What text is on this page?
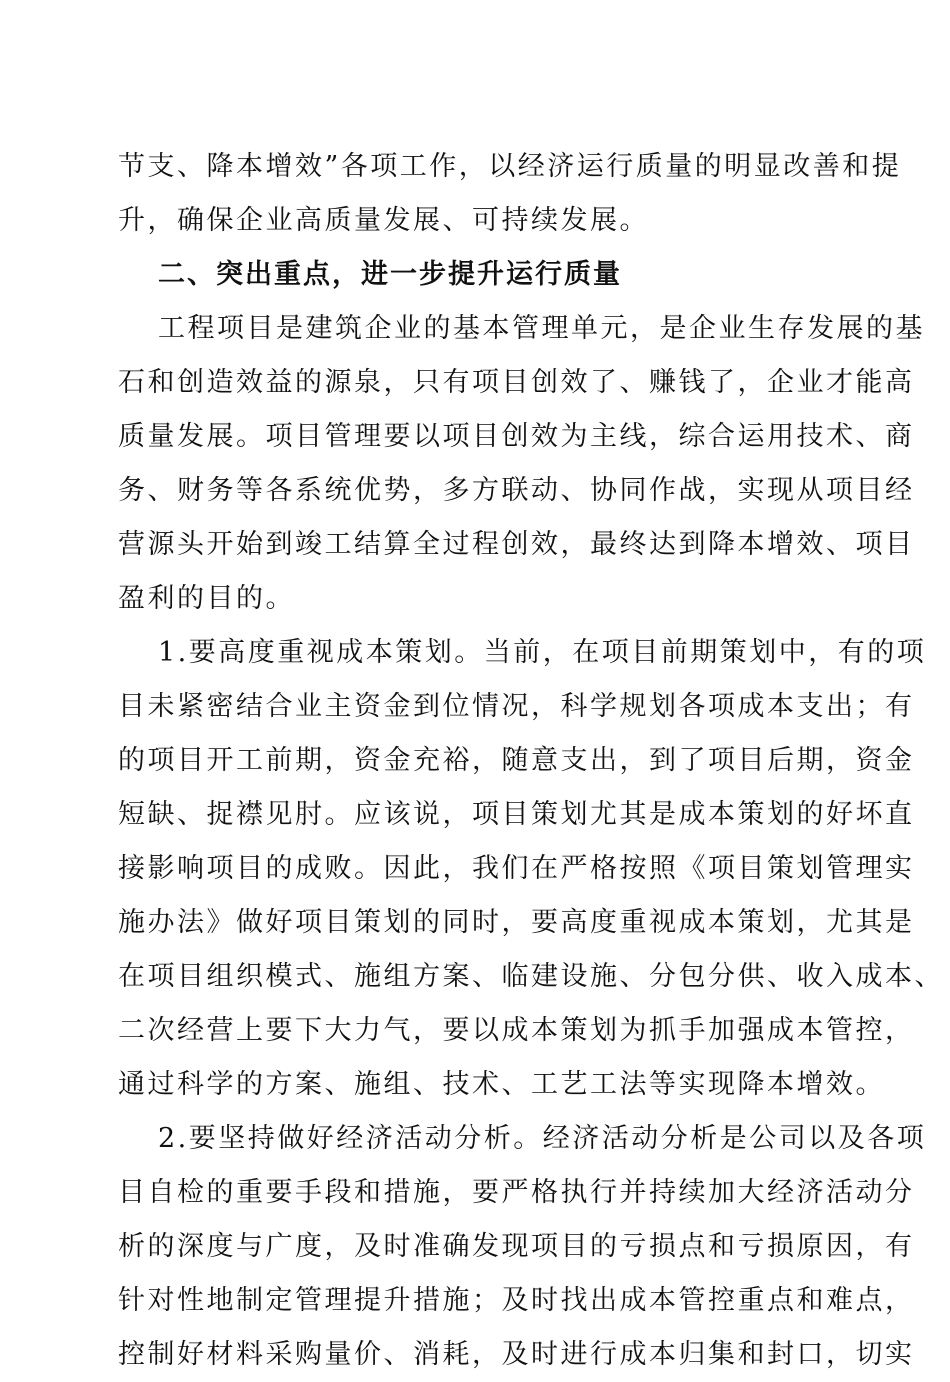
节支、降本增效”各项工作，以经济运行质量的明显改善和提
升，确保企业高质量发展、可持续发展。
二、突出重点，进一步提升运行质量
工程项目是建筑企业的基本管理单元，是企业生存发展的基
石和创造效益的源泉，只有项目创效了、赚钱了，企业才能高
质量发展。项目管理要以项目创效为主线，综合运用技术、商
务、财务等各系统优势，多方联动、协同作战，实现从项目经
营源头开始到竣工结算全过程创效，最终达到降本增效、项目
盈利的目的。
1.要高度重视成本策划。当前，在项目前期策划中，有的项
目未紧密结合业主资金到位情况，科学规划各项成本支出；有
的项目开工前期，资金充裕，随意支出，到了项目后期，资金
短缺、捉襟见肘。应该说，项目策划尤其是成本策划的好坏直
接影响项目的成败。因此，我们在严格按照《项目策划管理实
施办法》做好项目策划的同时，要高度重视成本策划，尤其是
在项目组织模式、施组方案、临建设施、分包分供、收入成本、
二次经营上要下大力气，要以成本策划为抓手加强成本管控，
通过科学的方案、施组、技术、工艺工法等实现降本增效。
2.要坚持做好经济活动分析。经济活动分析是公司以及各项
目自检的重要手段和措施，要严格执行并持续加大经济活动分
析的深度与广度，及时准确发现项目的亏损点和亏损原因，有
针对性地制定管理提升措施；及时找出成本管控重点和难点，
控制好材料采购量价、消耗，及时进行成本归集和封口，切实
